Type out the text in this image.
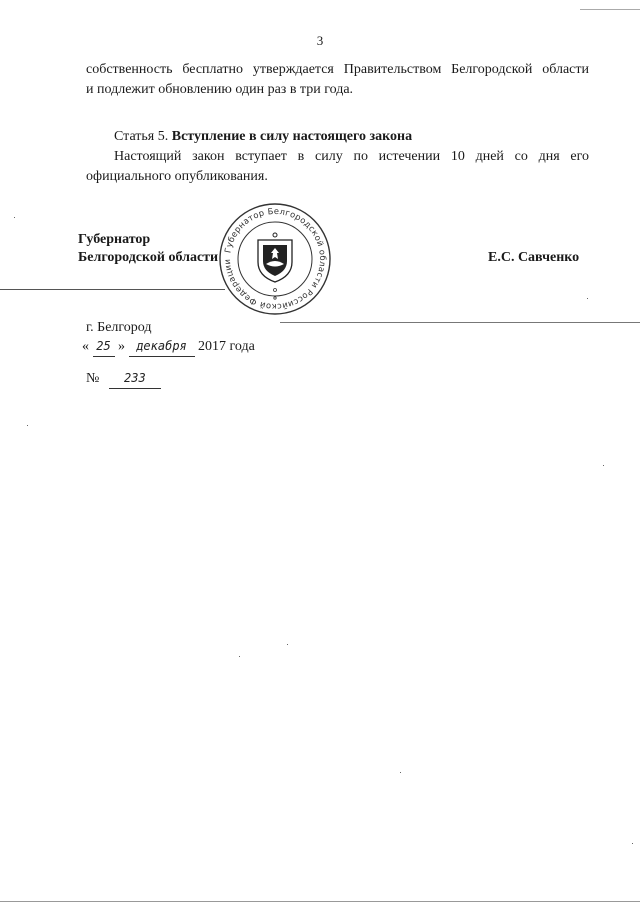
3
собственность бесплатно утверждается Правительством Белгородской области
и подлежит обновлению один раз в три года.
Статья 5. Вступление в силу настоящего закона
Настоящий закон вступает в силу по истечении 10 дней со дня его
официального опубликования.
Губернатор
Белгородской области	Е.С. Савченко
Губернатор Белгородской области Российской Федерации
г. Белгород
« 25 » декабря 2017 года
№ 233
